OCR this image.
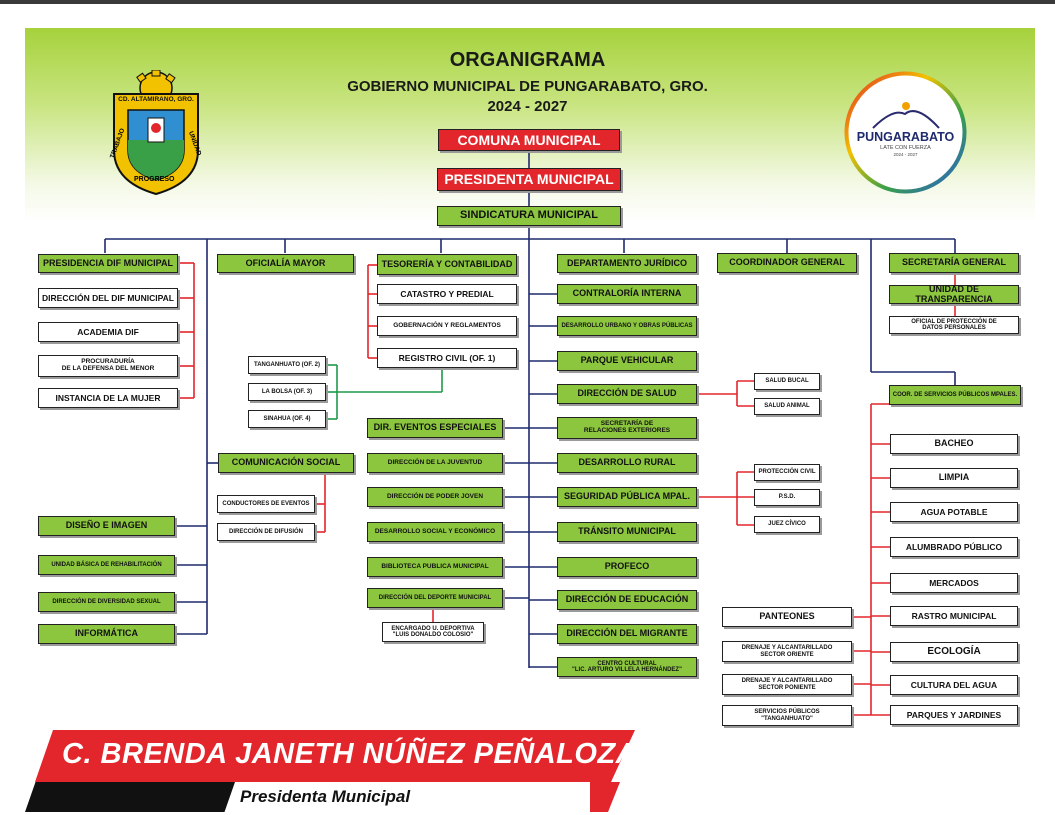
ORGANIGRAMA
GOBIERNO MUNICIPAL DE PUNGARABATO, GRO.
2024 - 2027
CD. ALTAMIRANO, GRO.
TRABAJO
PROGRESO
UNIDAD	PUNGARABATO
LATE CON FUERZA
2024 - 2027
COMUNA MUNICIPAL
PRESIDENTA MUNICIPAL
SINDICATURA MUNICIPAL
PRESIDENCIA DIF MUNICIPAL
DIRECCIÓN DEL DIF MUNICIPAL
ACADEMIA DIF
PROCURADURÍA
DE LA DEFENSA DEL MENOR
INSTANCIA DE LA MUJER
DISEÑO E IMAGEN
UNIDAD BÁSICA DE REHABILITACIÓN
DIRECCIÓN DE DIVERSIDAD SEXUAL
INFORMÁTICA
OFICIALÍA MAYOR
TANGANHUATO (OF. 2)
LA BOLSA (OF. 3)
SINAHUA (OF. 4)
COMUNICACIÓN SOCIAL
CONDUCTORES DE EVENTOS
DIRECCIÓN DE DIFUSIÓN
TESORERÍA Y CONTABILIDAD
CATASTRO Y PREDIAL
GOBERNACIÓN Y REGLAMENTOS
REGISTRO CIVIL (OF. 1)
DIR. EVENTOS ESPECIALES
DIRECCIÓN DE LA JUVENTUD
DIRECCIÓN DE PODER JOVEN
DESARROLLO SOCIAL Y ECONÓMICO
BIBLIOTECA PUBLICA MUNICIPAL
DIRECCIÓN DEL DEPORTE MUNICIPAL
ENCARGADO U. DEPORTIVA
"LUIS DONALDO COLOSIO"
DEPARTAMENTO JURÍDICO
CONTRALORÍA INTERNA
DESARROLLO URBANO Y OBRAS PÚBLICAS
PARQUE VEHICULAR
DIRECCIÓN DE SALUD
SECRETARÍA DE
RELACIONES EXTERIORES
DESARROLLO RURAL
SEGURIDAD PÚBLICA MPAL.
TRÁNSITO MUNICIPAL
PROFECO
DIRECCIÓN DE EDUCACIÓN
DIRECCIÓN DEL MIGRANTE
CENTRO CULTURAL
"LIC. ARTURO VILLELA HERNÁNDEZ"
SALUD BUCAL
SALUD ANIMAL
PROTECCIÓN CIVIL
P.S.D.
JUEZ CÍVICO
COORDINADOR GENERAL	SECRETARÍA GENERAL
UNIDAD DE TRANSPARENCIA
OFICIAL DE PROTECCIÓN DE
DATOS PERSONALES
COOR. DE SERVICIOS PÚBLICOS MPALES.
BACHEO
LIMPIA
AGUA POTABLE
ALUMBRADO PÚBLICO
MERCADOS
RASTRO MUNICIPAL
ECOLOGÍA
CULTURA DEL AGUA
PARQUES Y JARDINES
PANTEONES
DRENAJE Y ALCANTARILLADO
SECTOR ORIENTE
DRENAJE Y ALCANTARILLADO
SECTOR PONIENTE
SERVICIOS PÚBLICOS
"TANGANHUATO"
C. BRENDA JANETH NÚÑEZ PEÑALOZA
Presidenta Municipal
